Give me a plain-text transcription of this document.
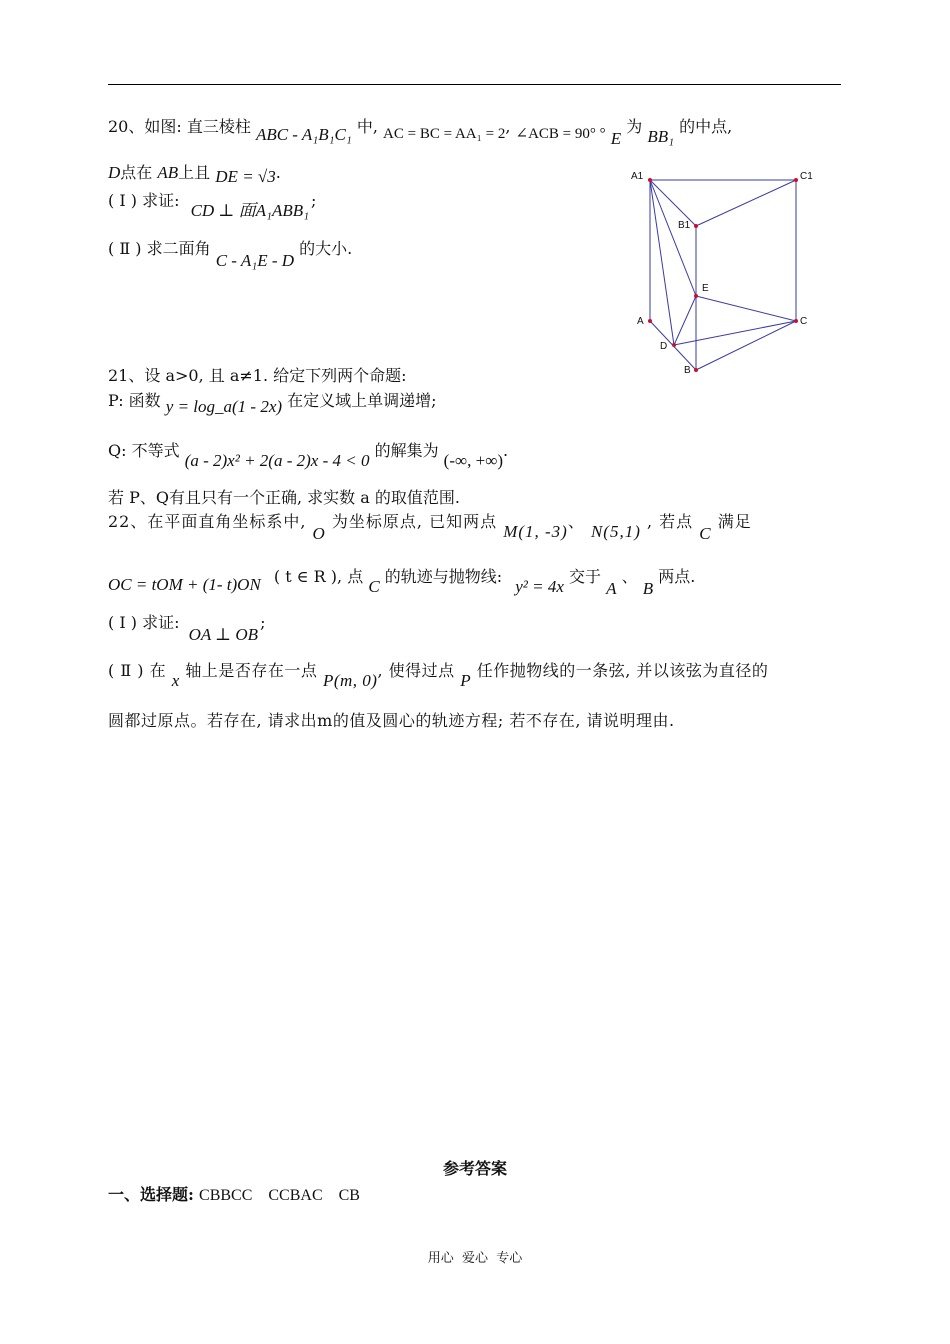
20、如图: 直三棱柱 ABC - A₁B₁C₁ 中, AC = BC = AA₁ = 2, ∠ACB = 90° ° E 为 BB₁ 的中点,
D点在 AB上且 DE = √3.
( Ⅰ ) 求证: CD ⊥ 面A₁ABB₁;
( Ⅱ ) 求二面角 C - A₁E - D 的大小.
A1	C1
B1
E
A	C
D
B
21、设 a>0, 且 a≠1. 给定下列两个命题:
P: 函数 y = log_a(1 - 2x) 在定义域上单调递增;
Q: 不等式 (a - 2)x² + 2(a - 2)x - 4 < 0 的解集为 (-∞, +∞).
若 P、Q有且只有一个正确, 求实数 a 的取值范围.
22、在平面直角坐标系中, O 为坐标原点, 已知两点 M(1, -3)、 N(5,1) , 若点 C 满足
OC = tOM + (1- t)ON ( t ∈ R ), 点 C 的轨迹与抛物线: y² = 4x 交于 A 、 B 两点.
( Ⅰ ) 求证: OA ⊥ OB;
( Ⅱ ) 在 x 轴上是否存在一点 P(m, 0), 使得过点 P 任作抛物线的一条弦, 并以该弦为直径的
圆都过原点。若存在, 请求出m的值及圆心的轨迹方程; 若不存在, 请说明理由.
参考答案
一、选择题: CBBCC    CCBAC    CB
用心  爱心  专心
